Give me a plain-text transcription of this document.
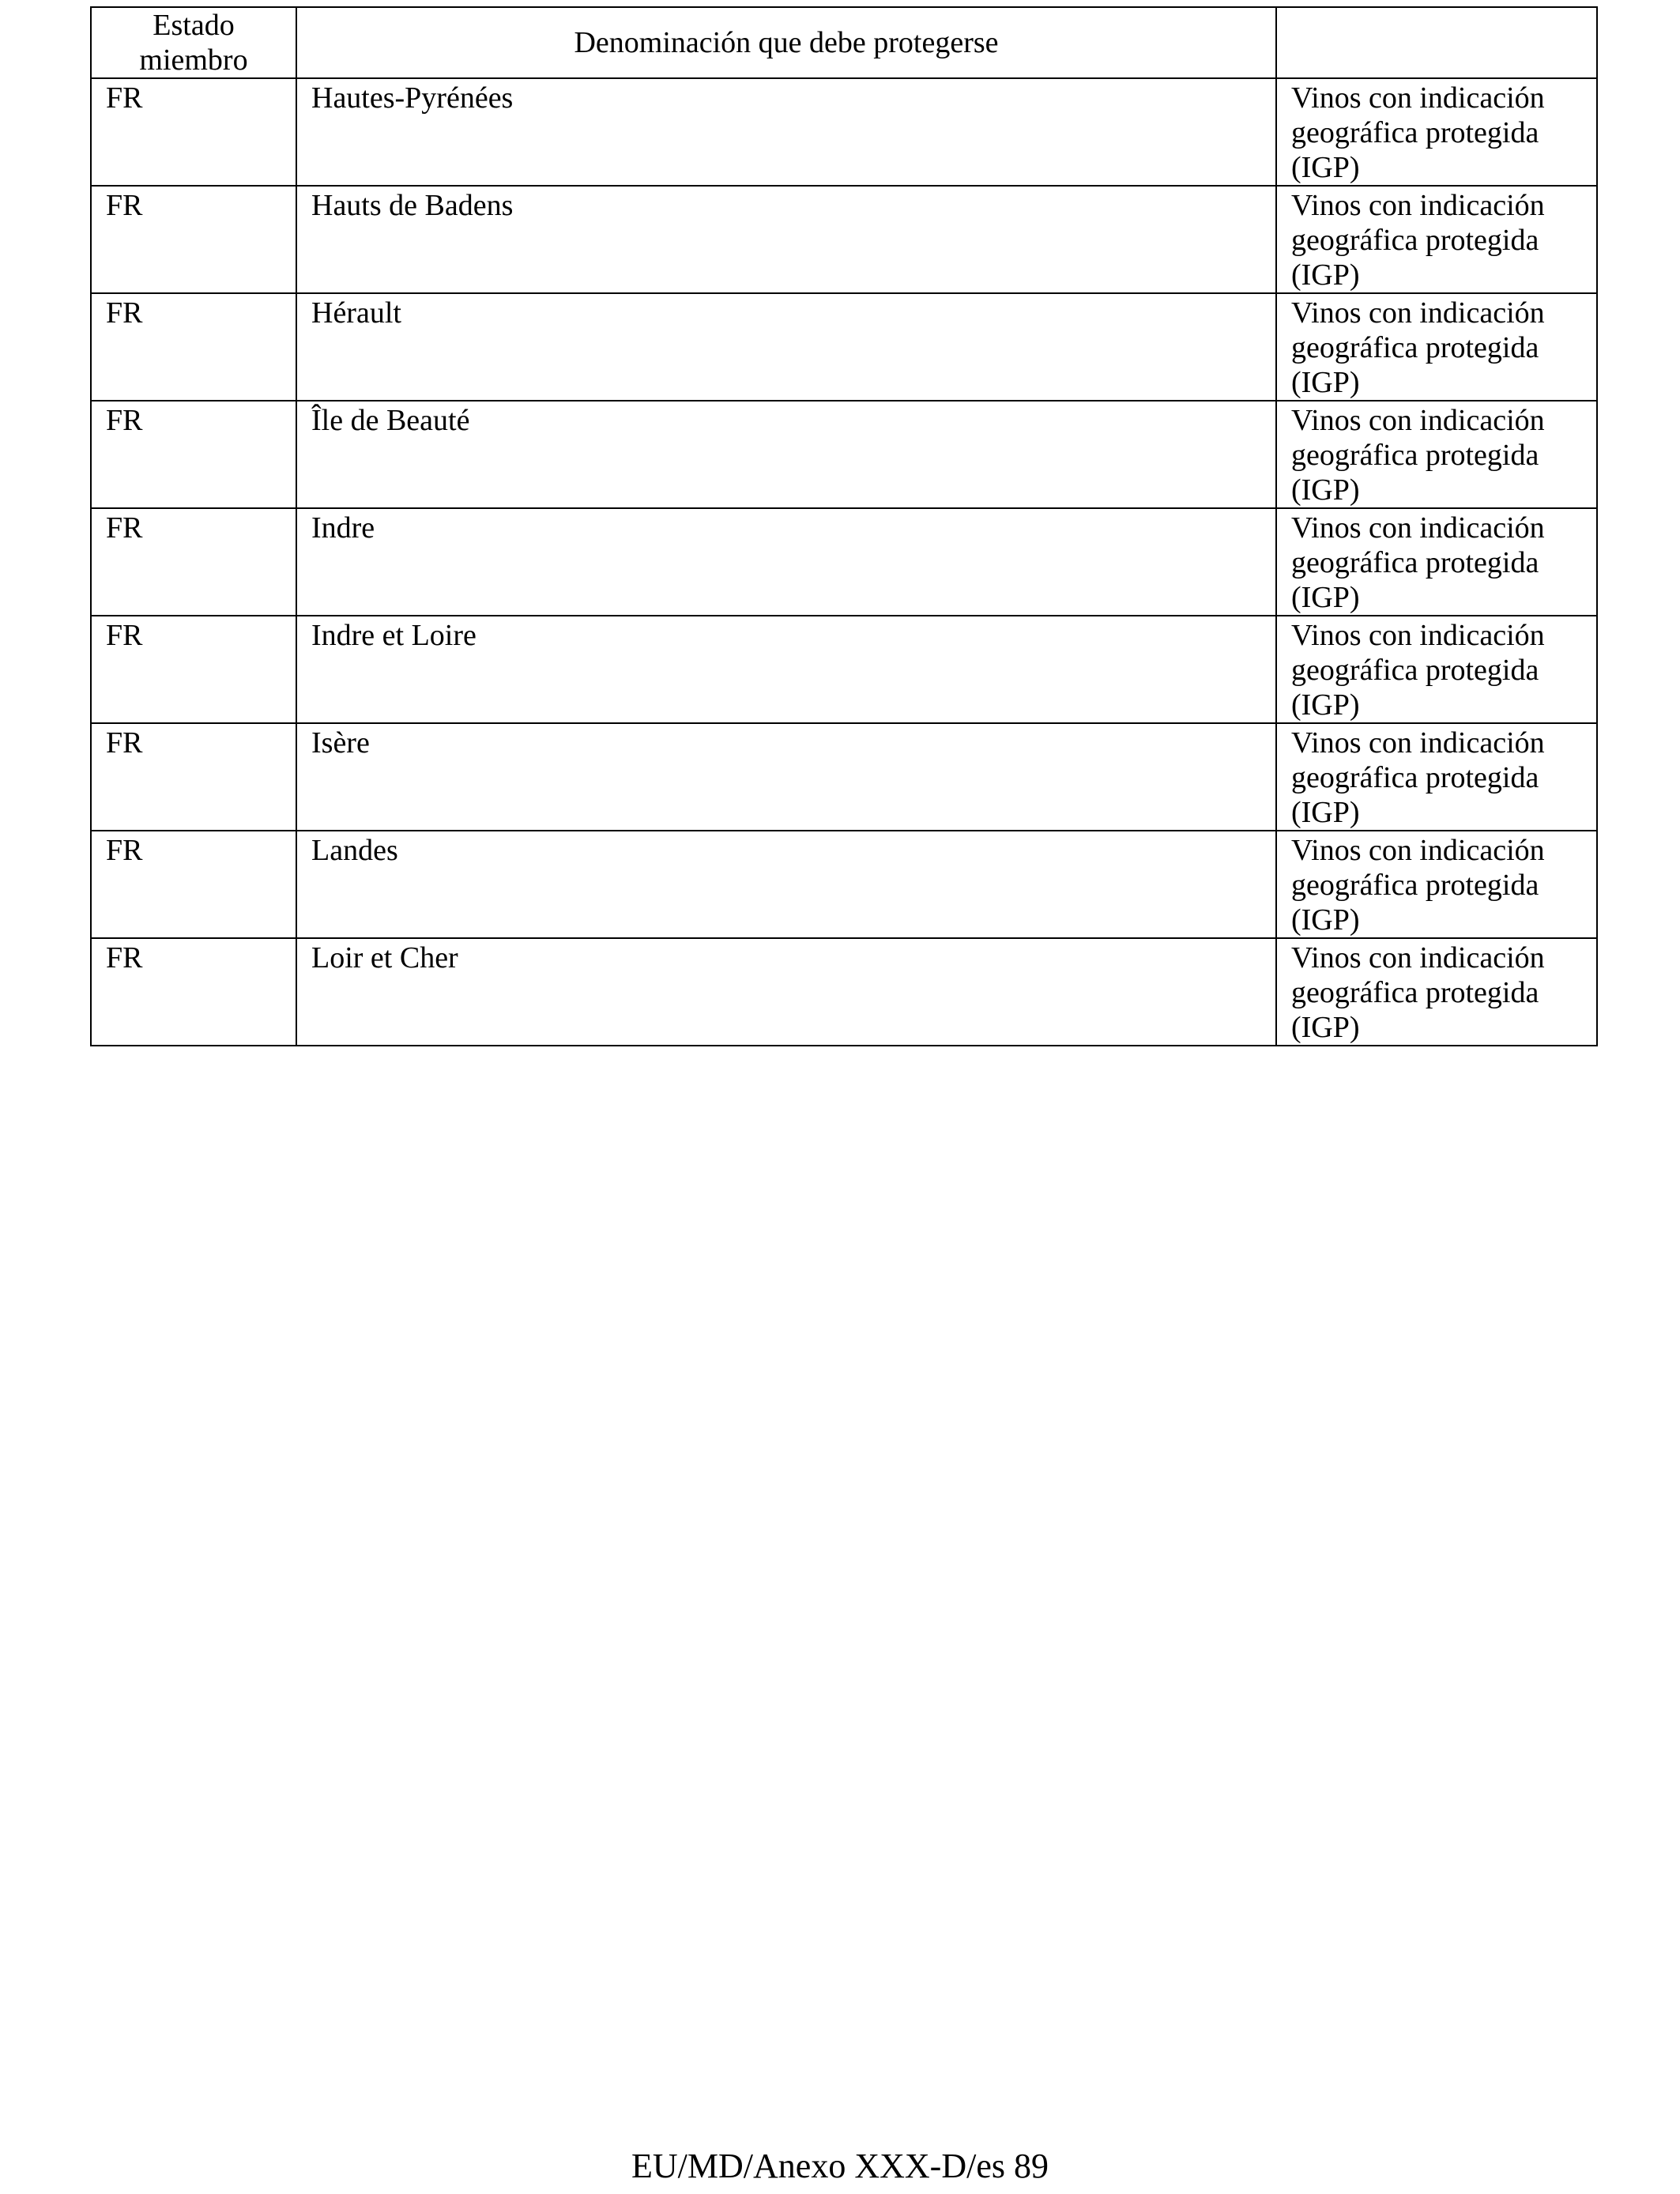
Estado
miembro	Denominación que debe protegerse	
FR	Hautes-Pyrénées	Vinos con indicación
geográfica protegida
(IGP)

FR	Hauts de Badens	Vinos con indicación
geográfica protegida
(IGP)

FR	Hérault	Vinos con indicación
geográfica protegida
(IGP)

FR	Île de Beauté	Vinos con indicación
geográfica protegida
(IGP)

FR	Indre	Vinos con indicación
geográfica protegida
(IGP)

FR	Indre et Loire	Vinos con indicación
geográfica protegida
(IGP)

FR	Isère	Vinos con indicación
geográfica protegida
(IGP)

FR	Landes	Vinos con indicación
geográfica protegida
(IGP)

FR	Loir et Cher	Vinos con indicación
geográfica protegida
(IGP)
EU/MD/Anexo XXX-D/es 89
